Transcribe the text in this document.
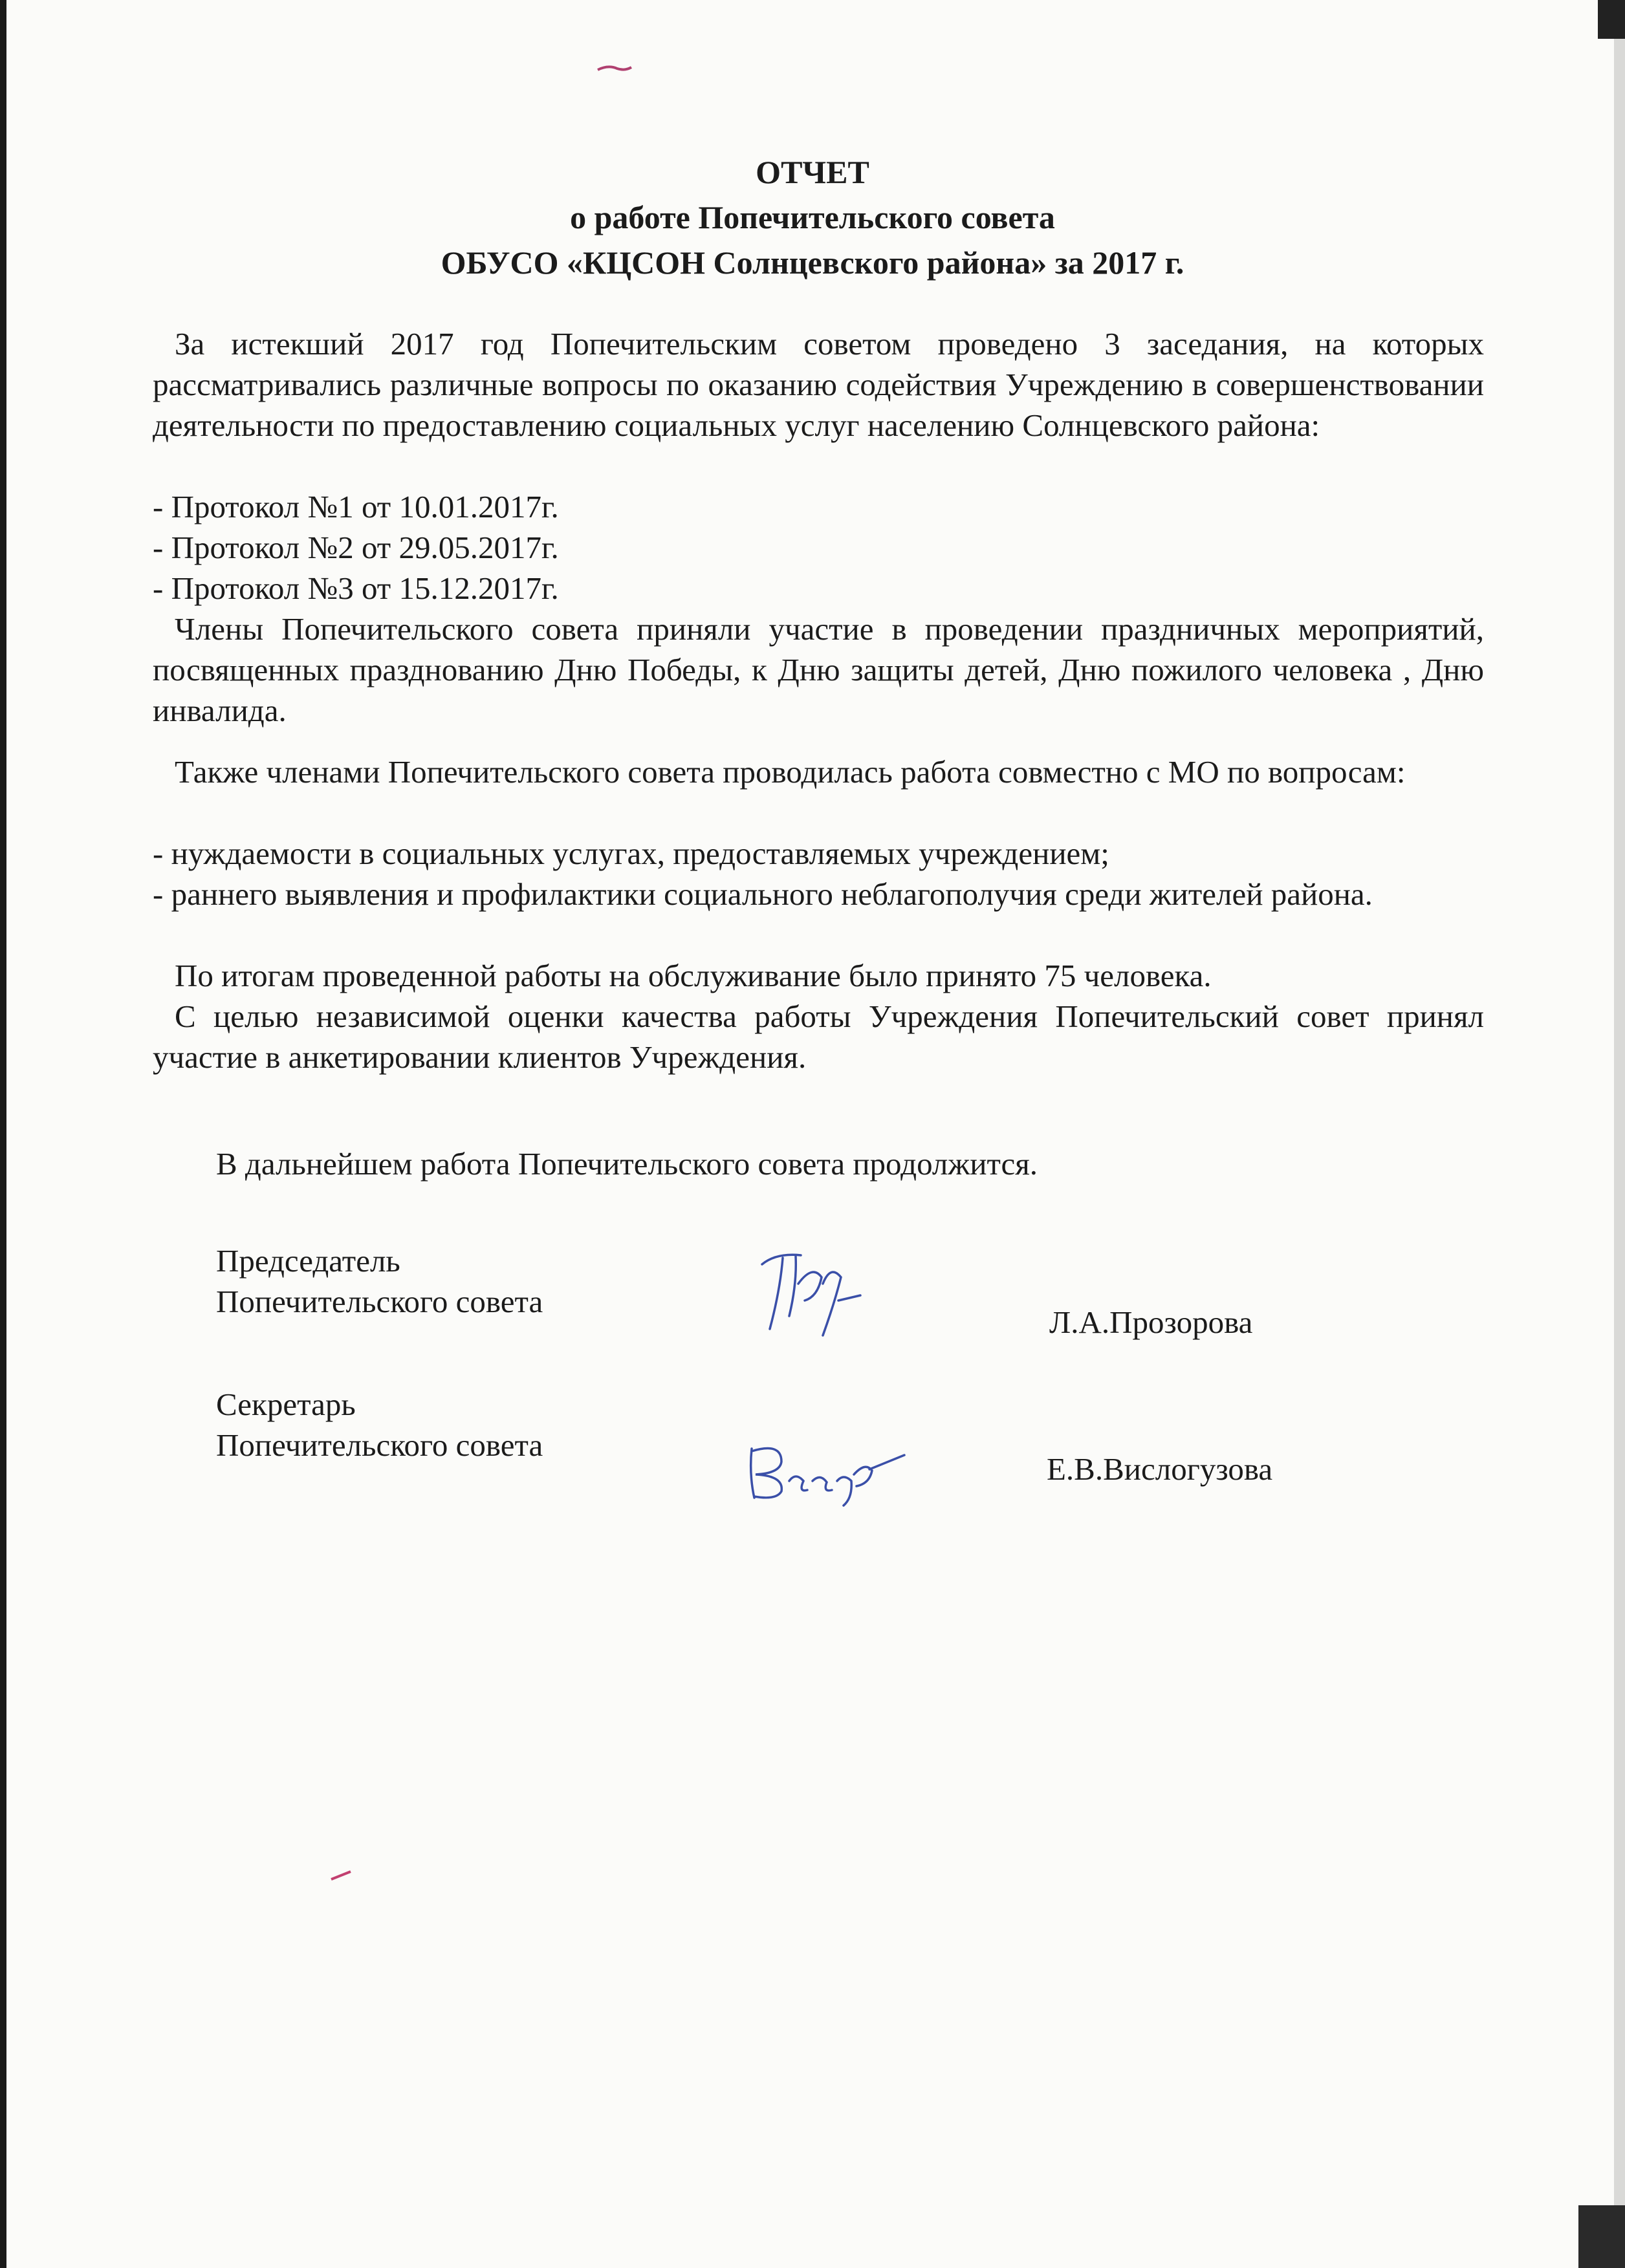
ОТЧЕТ
о работе Попечительского совета
ОБУСО «КЦСОН Солнцевского района» за 2017 г.

За истекший 2017 год Попечительским советом проведено 3 заседания, на которых рассматривались различные вопросы по оказанию содействия Учреждению в совершенствовании деятельности по предоставлению социальных услуг населению Солнцевского района:

- Протокол №1 от 10.01.2017г.

- Протокол №2 от 29.05.2017г.

- Протокол №3 от 15.12.2017г.

Члены Попечительского совета приняли участие в проведении праздничных мероприятий, посвященных празднованию Дню Победы, к Дню защиты детей, Дню пожилого человека , Дню инвалида.

Также членами Попечительского совета проводилась работа совместно с МО по вопросам:

- нуждаемости в социальных услугах, предоставляемых учреждением;

- раннего выявления и профилактики социального неблагополучия среди жителей района.

По итогам проведенной работы на обслуживание было принято 75 человека.

С целью независимой оценки качества работы Учреждения Попечительский совет принял участие в анкетировании клиентов Учреждения.

В дальнейшем работа Попечительского совета продолжится.

Председатель
Попечительского совета
Л.А.Прозорова
Секретарь
Попечительского совета
Е.В.Вислогузова
